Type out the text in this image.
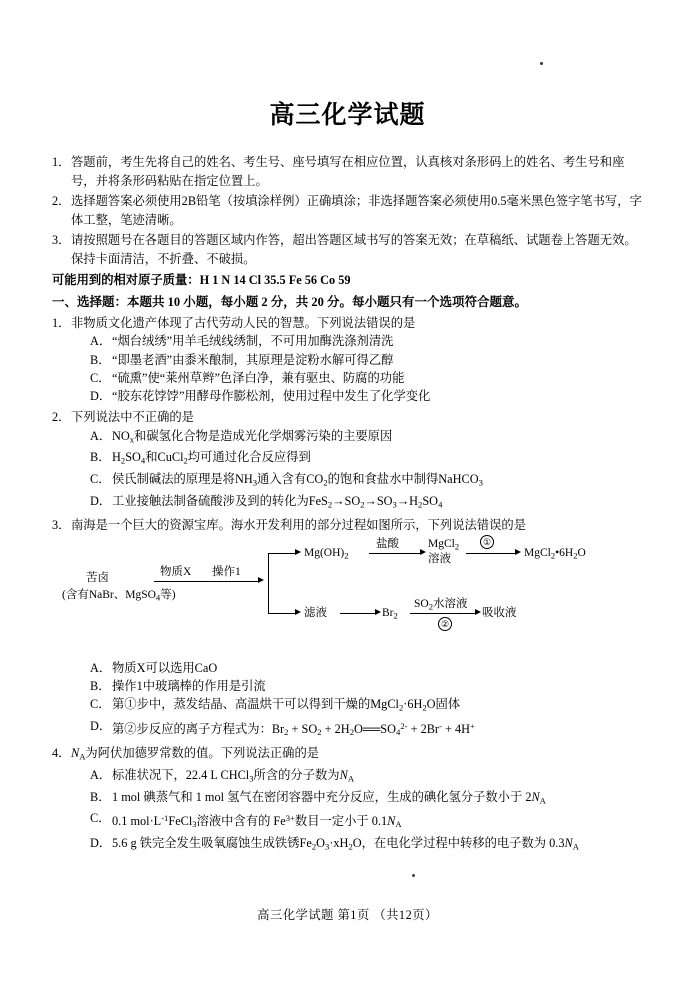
高三化学试题
1． 答题前，考生先将自己的姓名、考生号、座号填写在相应位置，认真核对条形码上的姓名、考生号和座号，并将条形码粘贴在指定位置上。
2． 选择题答案必须使用2B铅笔（按填涂样例）正确填涂；非选择题答案必须使用0.5毫米黑色签字笔书写，字体工整，笔迹清晰。
3． 请按照题号在各题目的答题区域内作答，超出答题区域书写的答案无效；在草稿纸、试题卷上答题无效。保持卡面清洁，不折叠、不破损。
可能用到的相对原子质量：H 1 N 14 Cl 35.5 Fe 56 Co 59
一、选择题：本题共 10 小题，每小题 2 分，共 20 分。每小题只有一个选项符合题意。
1． 非物质文化遗产体现了古代劳动人民的智慧。下列说法错误的是
A． “烟台绒绣”用羊毛绒线绣制，不可用加酶洗涤剂清洗
B． “即墨老酒”由黍米酿制，其原理是淀粉水解可得乙醇
C． “硫熏”使“莱州草辫”色泽白净，兼有驱虫、防腐的功能
D． “胶东花饽饽”用酵母作膨松剂，使用过程中发生了化学变化
2． 下列说法中不正确的是
A． $NO_x$和碳氢化合物是造成光化学烟雾污染的主要原因
B． $H_2SO_4$和CuCl$_2$均可通过化合反应得到
C． 侯氏制碱法的原理是将$NH_3$通入含有$CO_2$的饱和食盐水中制得NaHCO$_3$
D． 工业接触法制备硫酸涉及到的转化为$FeS_2\to SO_2\to SO_3\to H_2SO_4$
3． 南海是一个巨大的资源宝库。海水开发利用的部分过程如图所示，下列说法错误的是
苦卤
(含有NaBr、MgSO$_4$等)
物质X 操作1
$Mg(OH)_2$
盐酸	MgCl$_2$
溶液
①
$MgCl_2•6H_2O$
滤液	$Br_2$
$SO_2$水溶液
②
吸收液
A． 物质X可以选用CaO
B． 操作1中玻璃棒的作用是引流
C． 第①步中，蒸发结晶、高温烘干可以得到干燥的$MgCl_2\cdot 6H_2O$固体
D． 第②步反应的离子方程式为：$Br_2 + SO_2$ + $2H_2O══SO_4^{2-} + 2Br^- + 4H^+$
4． $N_A$为阿伏加德罗常数的值。下列说法正确的是
A． 标准状况下，22.4 L CHCl$_3$所含的分子数为$N_A$
B． 1 mol 碘蒸气和 1 mol 氢气在密闭容器中充分反应，生成的碘化氢分子数小于 $2N_A$
C． 0.1 $mol\cdot L^{-1}FeCl_3$溶液中含有的 $Fe^{3+}$数目一定小于 $0.1N_A$
D． 5.6 g 铁完全发生吸氧腐蚀生成铁锈$Fe_2O_3\cdot xH_2O$，在电化学过程中转移的电子数为 $0.3N_A$
高三化学试题 第1页 （共12页）
